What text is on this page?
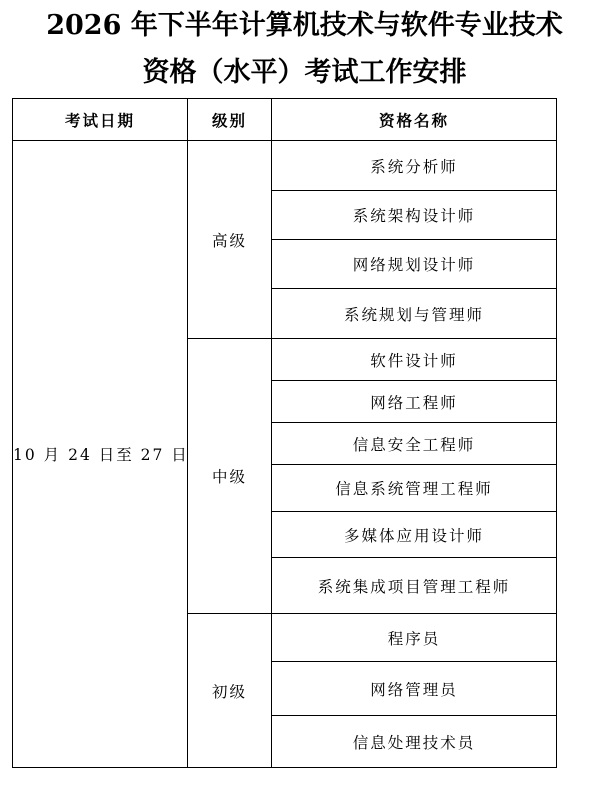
2026 年下半年计算机技术与软件专业技术
资格（水平）考试工作安排
考试日期	级别	资格名称
10 月 24 日至 27 日	高级	系统分析师
		系统架构设计师
		网络规划设计师
		系统规划与管理师
	中级	软件设计师
		网络工程师
		信息安全工程师
		信息系统管理工程师
		多媒体应用设计师
		系统集成项目管理工程师
	初级	程序员
		网络管理员
		信息处理技术员
